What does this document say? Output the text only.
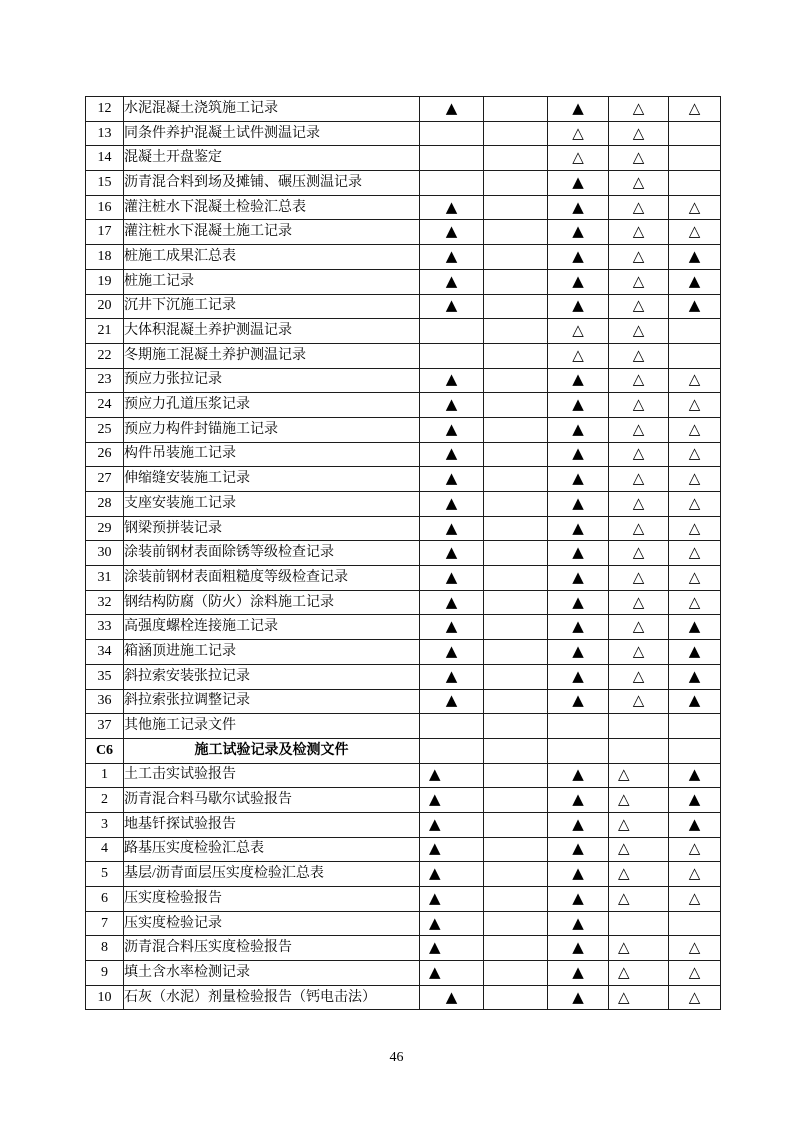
12	水泥混凝土浇筑施工记录	▲		▲	△	△
13	同条件养护混凝土试件测温记录			△	△	
14	混凝土开盘鉴定			△	△	
15	沥青混合料到场及摊铺、碾压测温记录			▲	△	
16	灌注桩水下混凝土检验汇总表	▲		▲	△	△
17	灌注桩水下混凝土施工记录	▲		▲	△	△
18	桩施工成果汇总表	▲		▲	△	▲
19	桩施工记录	▲		▲	△	▲
20	沉井下沉施工记录	▲		▲	△	▲
21	大体积混凝土养护测温记录			△	△	
22	冬期施工混凝土养护测温记录			△	△	
23	预应力张拉记录	▲		▲	△	△
24	预应力孔道压浆记录	▲		▲	△	△
25	预应力构件封锚施工记录	▲		▲	△	△
26	构件吊装施工记录	▲		▲	△	△
27	伸缩缝安装施工记录	▲		▲	△	△
28	支座安装施工记录	▲		▲	△	△
29	钢梁预拼装记录	▲		▲	△	△
30	涂装前钢材表面除锈等级检查记录	▲		▲	△	△
31	涂装前钢材表面粗糙度等级检查记录	▲		▲	△	△
32	钢结构防腐（防火）涂料施工记录	▲		▲	△	△
33	高强度螺栓连接施工记录	▲		▲	△	▲
34	箱涵顶进施工记录	▲		▲	△	▲
35	斜拉索安装张拉记录	▲		▲	△	▲
36	斜拉索张拉调整记录	▲		▲	△	▲
37	其他施工记录文件					
C6	施工试验记录及检测文件					
1	土工击实试验报告	▲		▲	△	▲
2	沥青混合料马歇尔试验报告	▲		▲	△	▲
3	地基钎探试验报告	▲		▲	△	▲
4	路基压实度检验汇总表	▲		▲	△	△
5	基层/沥青面层压实度检验汇总表	▲		▲	△	△
6	压实度检验报告	▲		▲	△	△
7	压实度检验记录	▲		▲		
8	沥青混合料压实度检验报告	▲		▲	△	△
9	填土含水率检测记录	▲		▲	△	△
10	石灰（水泥）剂量检验报告（钙电击法）	▲		▲	△	△
46
